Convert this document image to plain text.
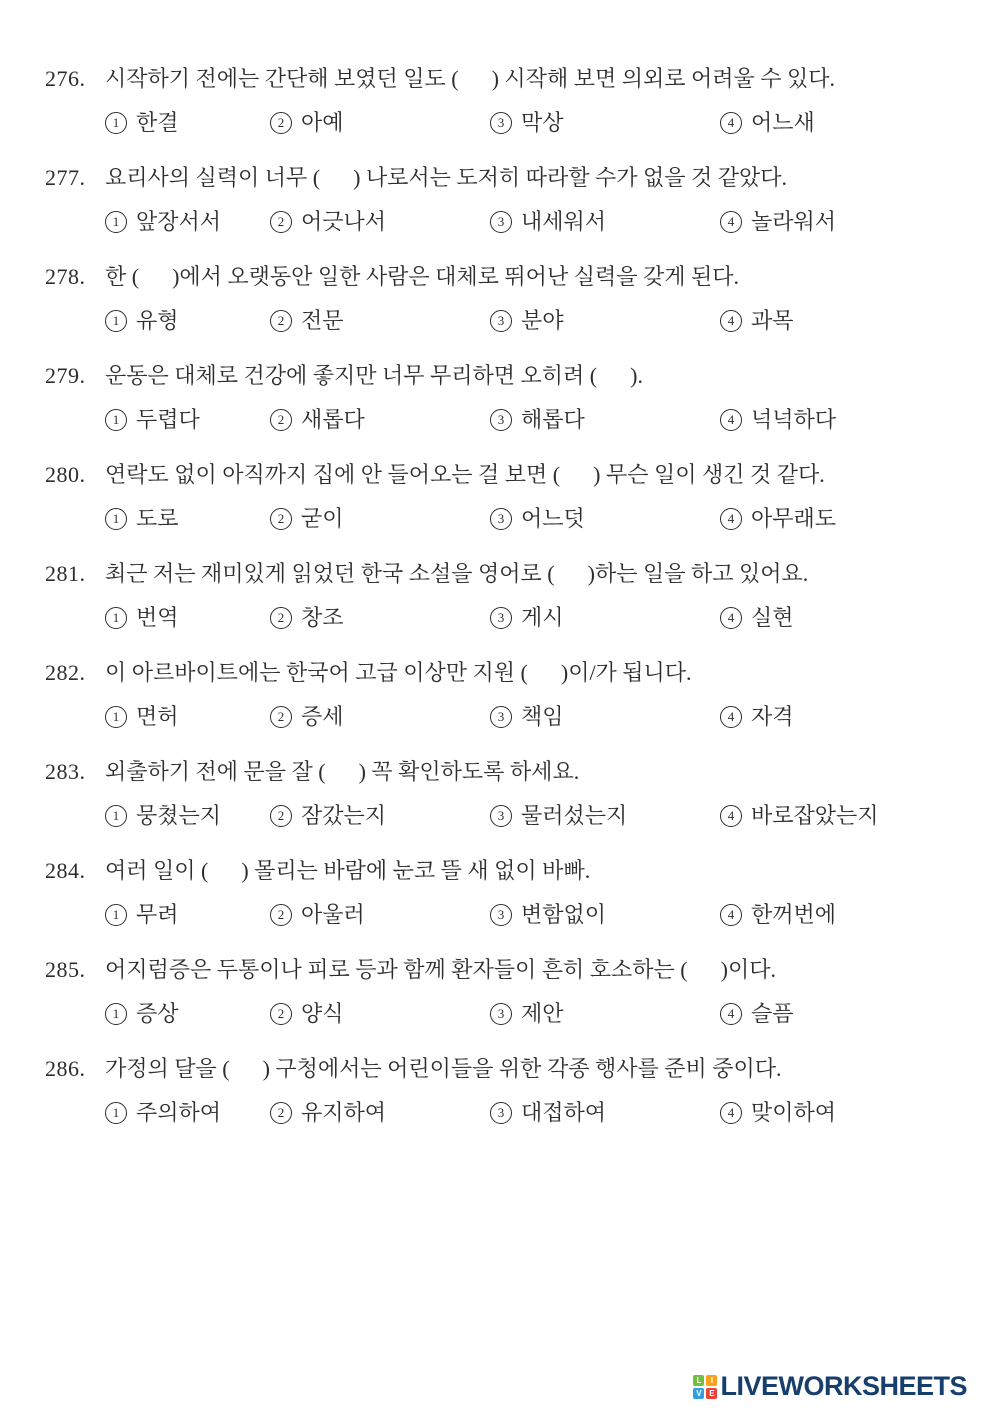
276. 시작하기 전에는 간단해 보였던 일도 (      ) 시작해 보면 의외로 어려울 수 있다.
1 한결	2 아예	3 막상	4 어느새
277. 요리사의 실력이 너무 (      ) 나로서는 도저히 따라할 수가 없을 것 같았다.
1 앞장서서	2 어긋나서	3 내세워서	4 놀라워서
278. 한 (      )에서 오랫동안 일한 사람은 대체로 뛰어난 실력을 갖게 된다.
1 유형	2 전문	3 분야	4 과목
279. 운동은 대체로 건강에 좋지만 너무 무리하면 오히려 (      ).
1 두렵다	2 새롭다	3 해롭다	4 넉넉하다
280. 연락도 없이 아직까지 집에 안 들어오는 걸 보면 (      ) 무슨 일이 생긴 것 같다.
1 도로	2 굳이	3 어느덧	4 아무래도
281. 최근 저는 재미있게 읽었던 한국 소설을 영어로 (      )하는 일을 하고 있어요.
1 번역	2 창조	3 게시	4 실현
282. 이 아르바이트에는 한국어 고급 이상만 지원 (      )이/가 됩니다.
1 면허	2 증세	3 책임	4 자격
283. 외출하기 전에 문을 잘 (      ) 꼭 확인하도록 하세요.
1 뭉쳤는지	2 잠갔는지	3 물러섰는지	4 바로잡았는지
284. 여러 일이 (      ) 몰리는 바람에 눈코 뜰 새 없이 바빠.
1 무려	2 아울러	3 변함없이	4 한꺼번에
285. 어지럼증은 두통이나 피로 등과 함께 환자들이 흔히 호소하는 (      )이다.
1 증상	2 양식	3 제안	4 슬픔
286. 가정의 달을 (      ) 구청에서는 어린이들을 위한 각종 행사를 준비 중이다.
1 주의하여	2 유지하여	3 대접하여	4 맞이하여
L	I
V E LIVEWORKSHEETS
